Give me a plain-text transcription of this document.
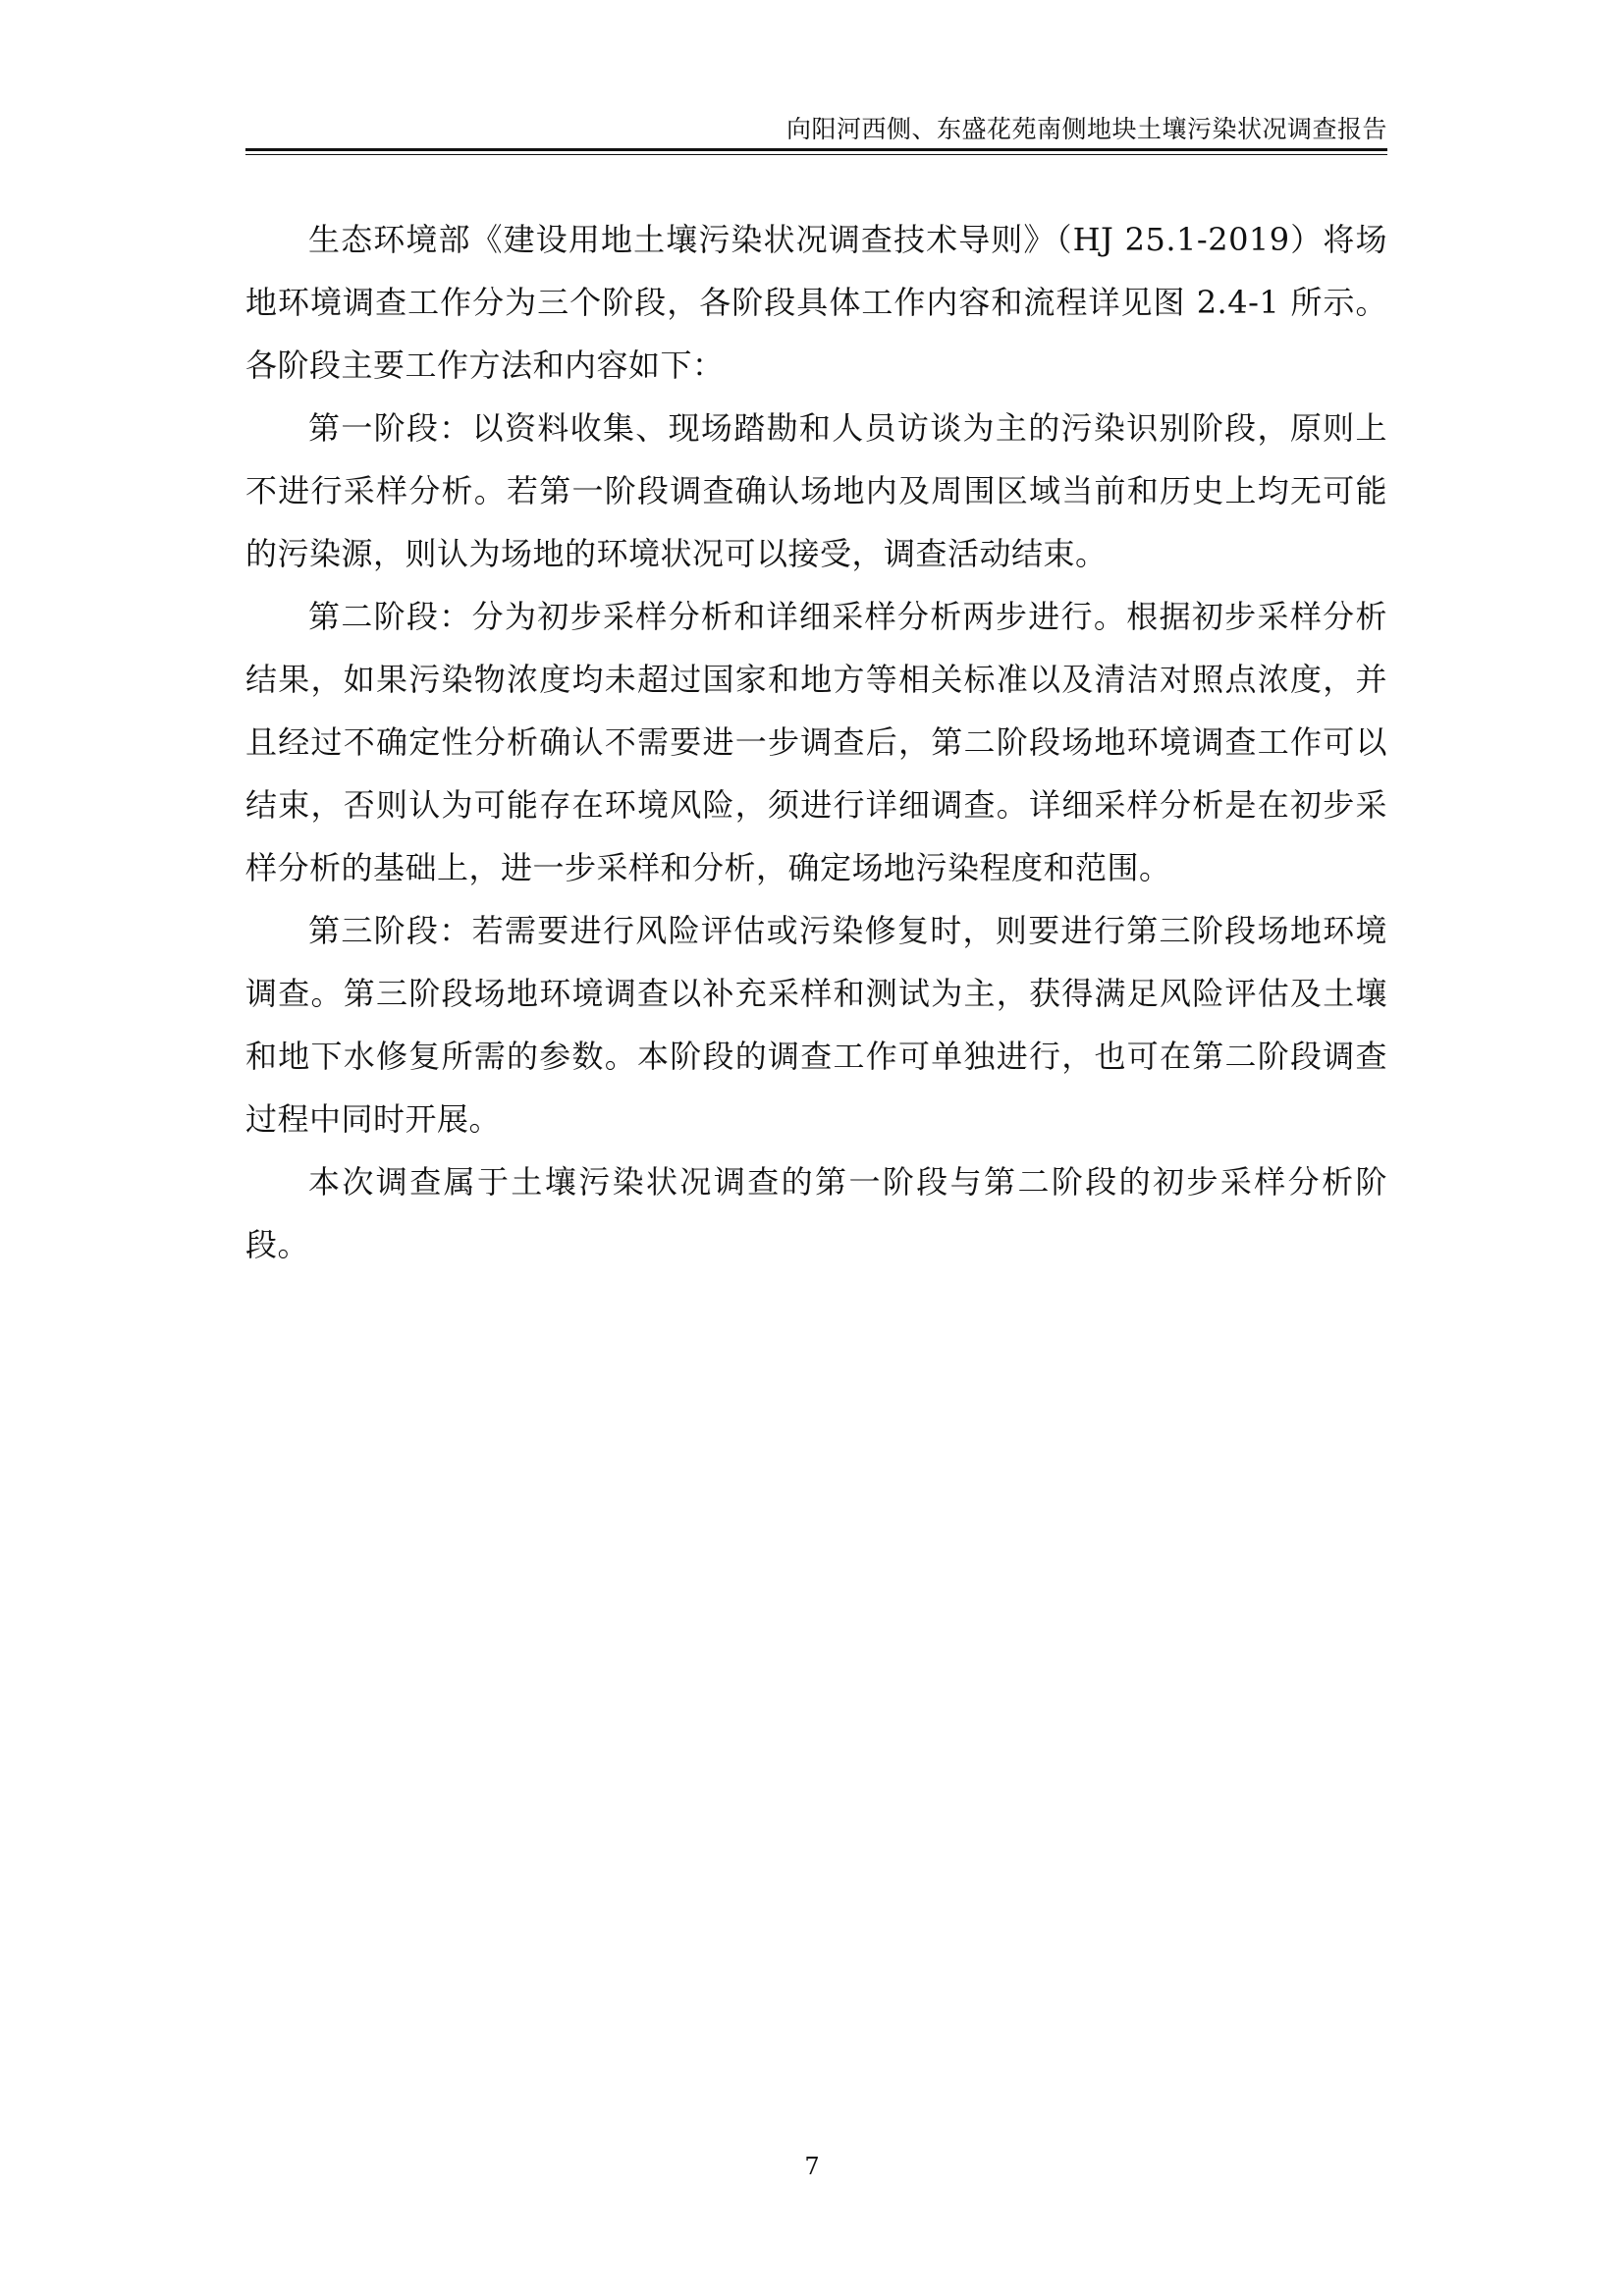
向阳河西侧、东盛花苑南侧地块土壤污染状况调查报告

生态环境部《建设用地土壤污染状况调查技术导则》（HJ 25.1-2019）将场地环境调查工作分为三个阶段，各阶段具体工作内容和流程详见图 2.4-1 所示。各阶段主要工作方法和内容如下：

第一阶段：以资料收集、现场踏勘和人员访谈为主的污染识别阶段，原则上不进行采样分析。若第一阶段调查确认场地内及周围区域当前和历史上均无可能的污染源，则认为场地的环境状况可以接受，调查活动结束。

第二阶段：分为初步采样分析和详细采样分析两步进行。根据初步采样分析结果，如果污染物浓度均未超过国家和地方等相关标准以及清洁对照点浓度，并且经过不确定性分析确认不需要进一步调查后，第二阶段场地环境调查工作可以结束，否则认为可能存在环境风险，须进行详细调查。详细采样分析是在初步采样分析的基础上，进一步采样和分析，确定场地污染程度和范围。

第三阶段：若需要进行风险评估或污染修复时，则要进行第三阶段场地环境调查。第三阶段场地环境调查以补充采样和测试为主，获得满足风险评估及土壤和地下水修复所需的参数。本阶段的调查工作可单独进行，也可在第二阶段调查过程中同时开展。

本次调查属于土壤污染状况调查的第一阶段与第二阶段的初步采样分析阶段。

7
